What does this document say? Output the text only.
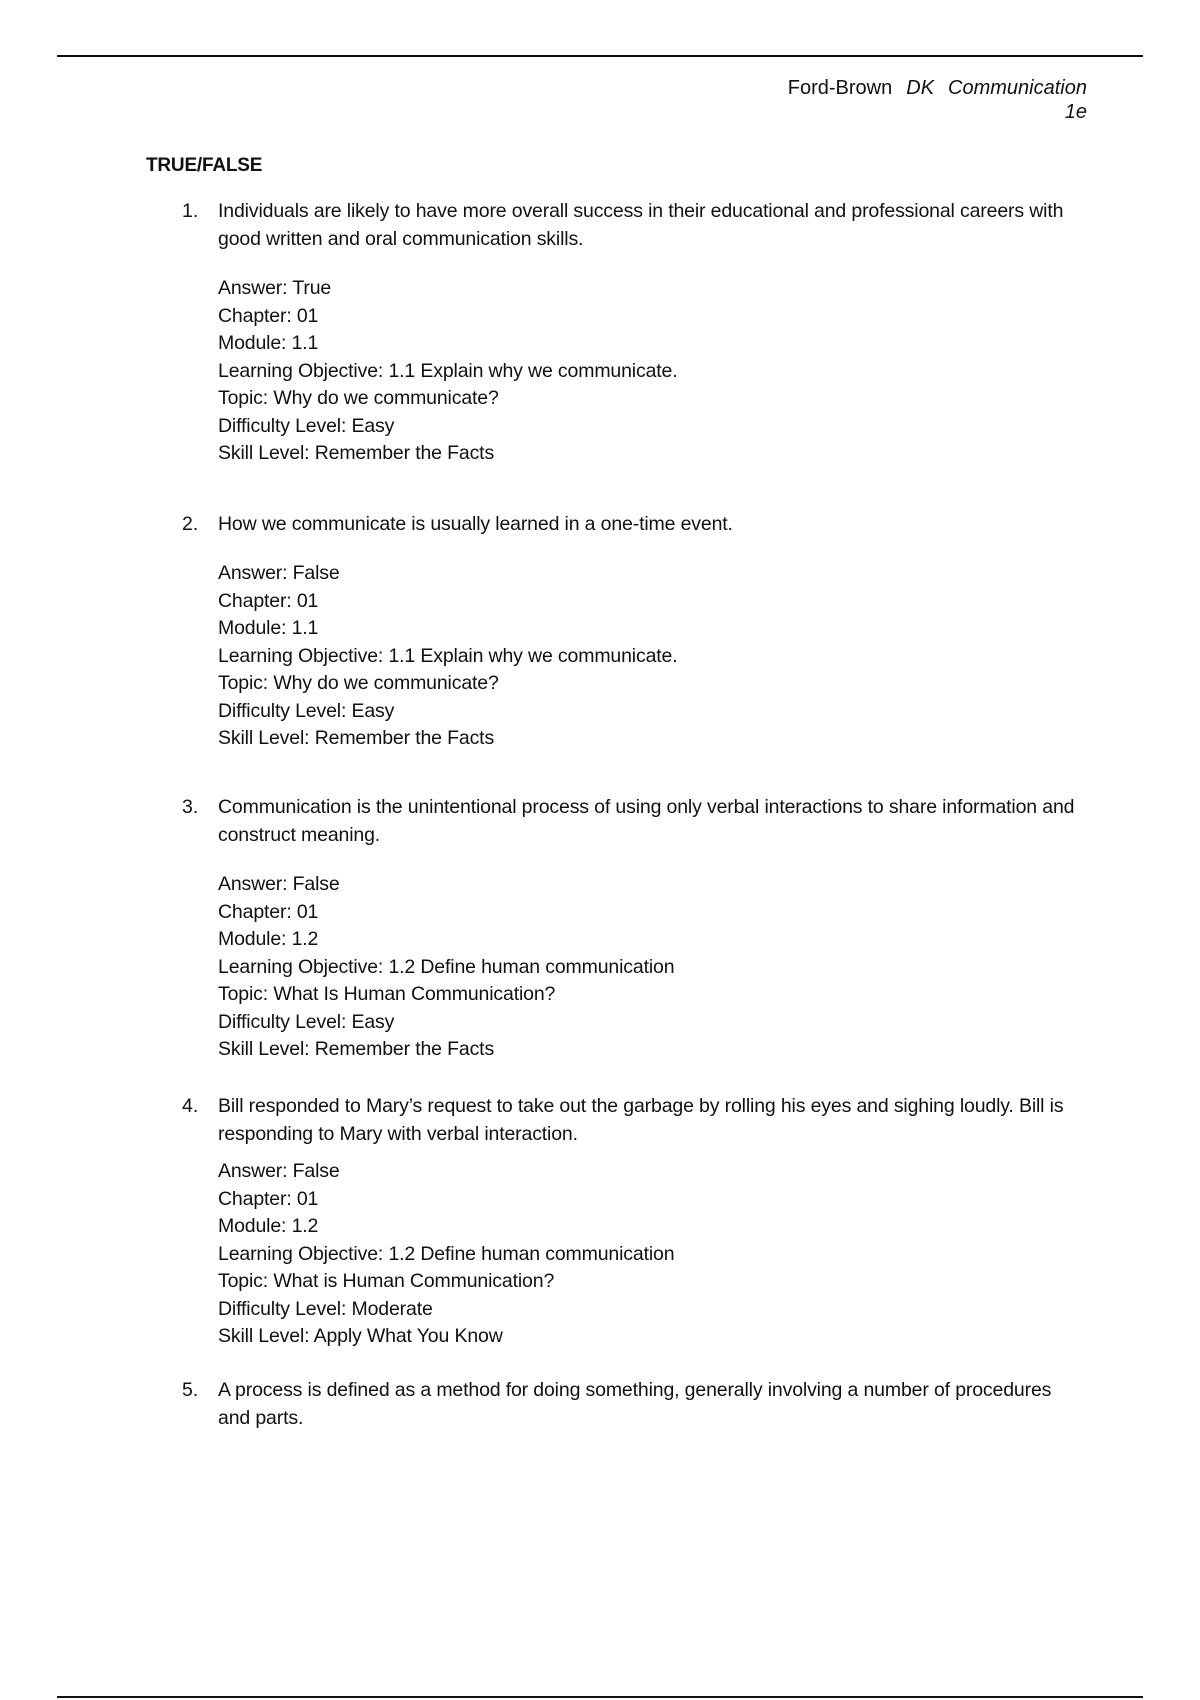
Ford-Brown DK Communication
1e
TRUE/FALSE
1.	Individuals are likely to have more overall success in their educational and professional careers with good written and oral communication skills.
Answer: True
Chapter: 01
Module: 1.1
Learning Objective: 1.1 Explain why we communicate.
Topic: Why do we communicate?
Difficulty Level: Easy
Skill Level: Remember the Facts
2.	How we communicate is usually learned in a one-time event.
Answer: False
Chapter: 01
Module: 1.1
Learning Objective: 1.1 Explain why we communicate.
Topic: Why do we communicate?
Difficulty Level: Easy
Skill Level: Remember the Facts
3.	Communication is the unintentional process of using only verbal interactions to share information and construct meaning.
Answer: False
Chapter: 01
Module: 1.2
Learning Objective: 1.2 Define human communication
Topic: What Is Human Communication?
Difficulty Level: Easy
Skill Level: Remember the Facts
4.	Bill responded to Mary’s request to take out the garbage by rolling his eyes and sighing loudly. Bill is responding to Mary with verbal interaction.
Answer: False
Chapter: 01
Module: 1.2
Learning Objective: 1.2 Define human communication
Topic: What is Human Communication?
Difficulty Level: Moderate
Skill Level: Apply What You Know
5.	A process is defined as a method for doing something, generally involving a number of procedures and parts.
